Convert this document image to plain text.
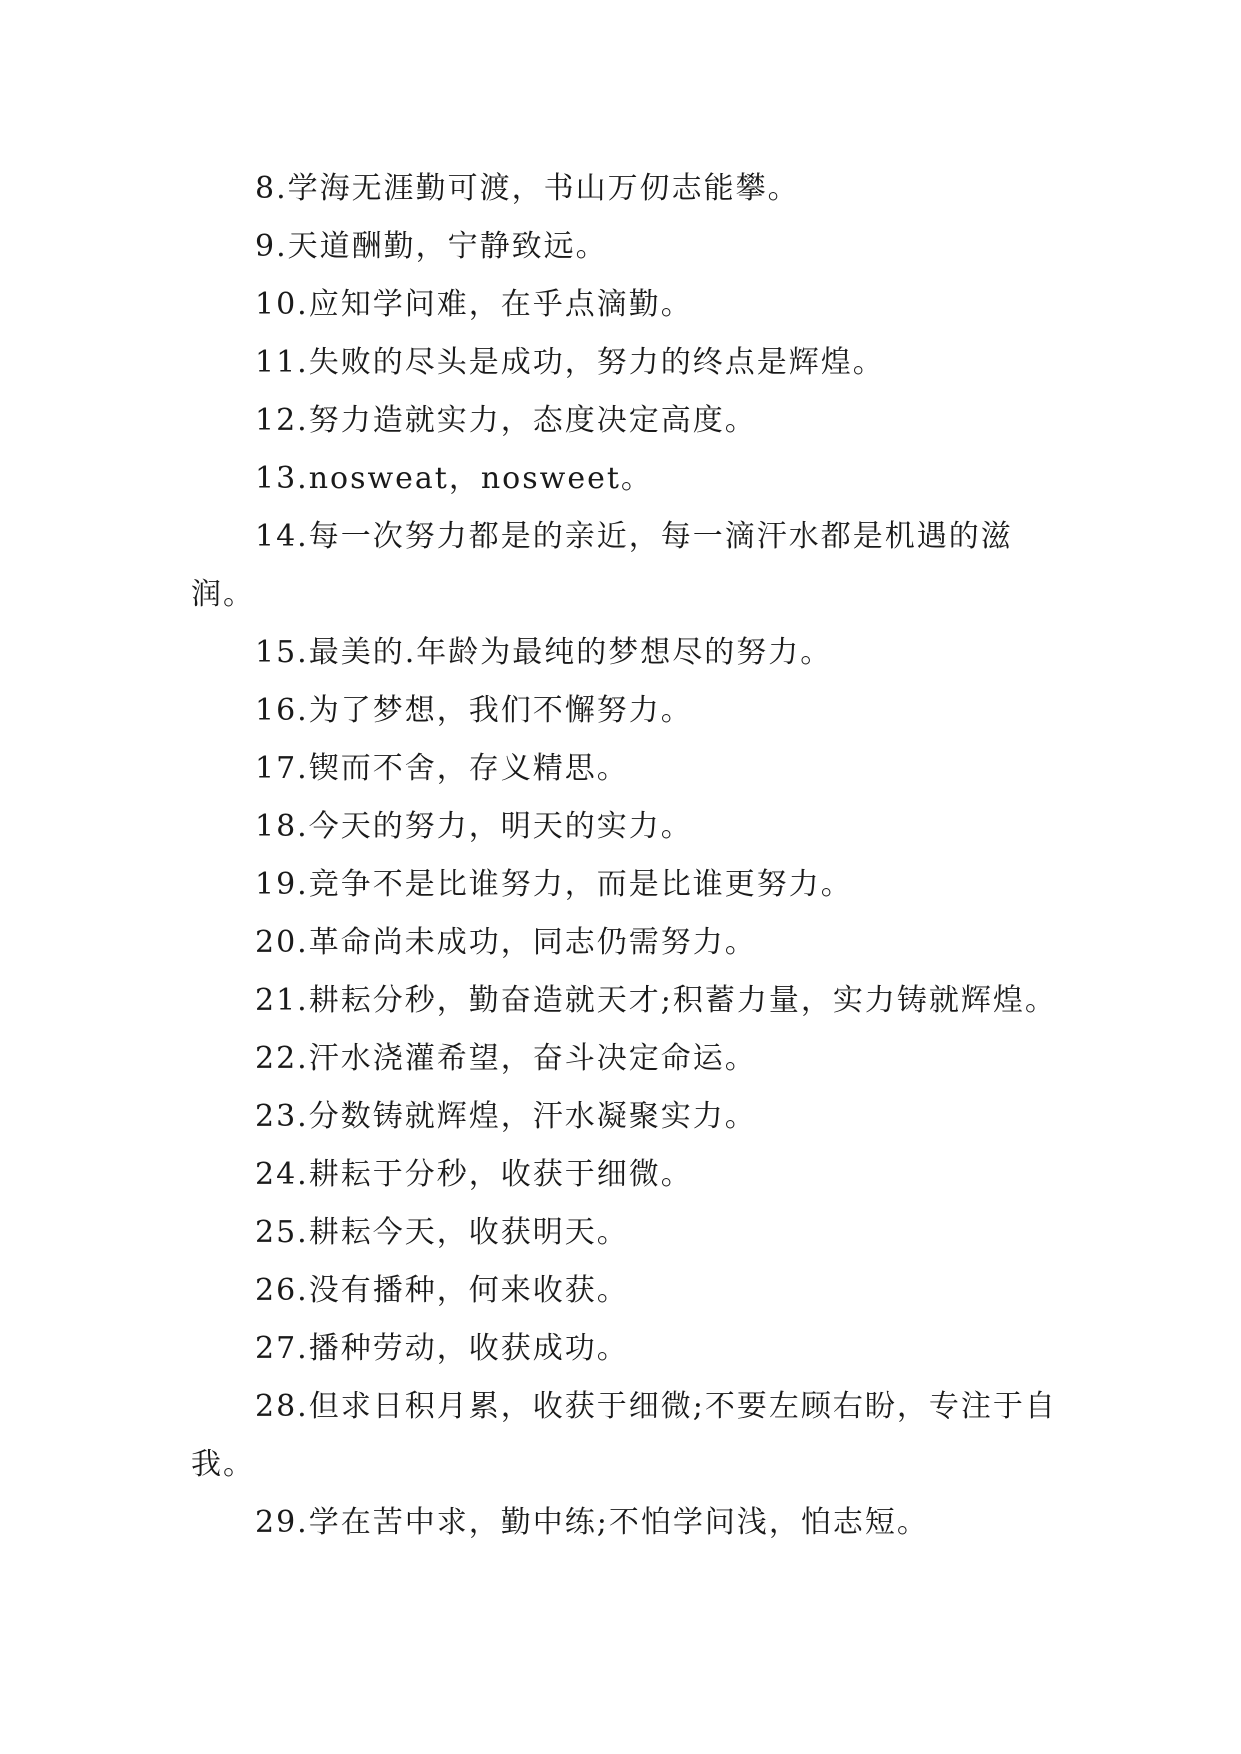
8.学海无涯勤可渡，书山万仞志能攀。

9.天道酬勤，宁静致远。

10.应知学问难，在乎点滴勤。

11.失败的尽头是成功，努力的终点是辉煌。

12.努力造就实力，态度决定高度。

13.nosweat，nosweet。

14.每一次努力都是的亲近，每一滴汗水都是机遇的滋润。

15.最美的.年龄为最纯的梦想尽的努力。

16.为了梦想，我们不懈努力。

17.锲而不舍，存义精思。

18.今天的努力，明天的实力。

19.竞争不是比谁努力，而是比谁更努力。

20.革命尚未成功，同志仍需努力。

21.耕耘分秒，勤奋造就天才;积蓄力量，实力铸就辉煌。

22.汗水浇灌希望，奋斗决定命运。

23.分数铸就辉煌，汗水凝聚实力。

24.耕耘于分秒，收获于细微。

25.耕耘今天，收获明天。

26.没有播种，何来收获。

27.播种劳动，收获成功。

28.但求日积月累，收获于细微;不要左顾右盼，专注于自我。

29.学在苦中求，勤中练;不怕学问浅，怕志短。
